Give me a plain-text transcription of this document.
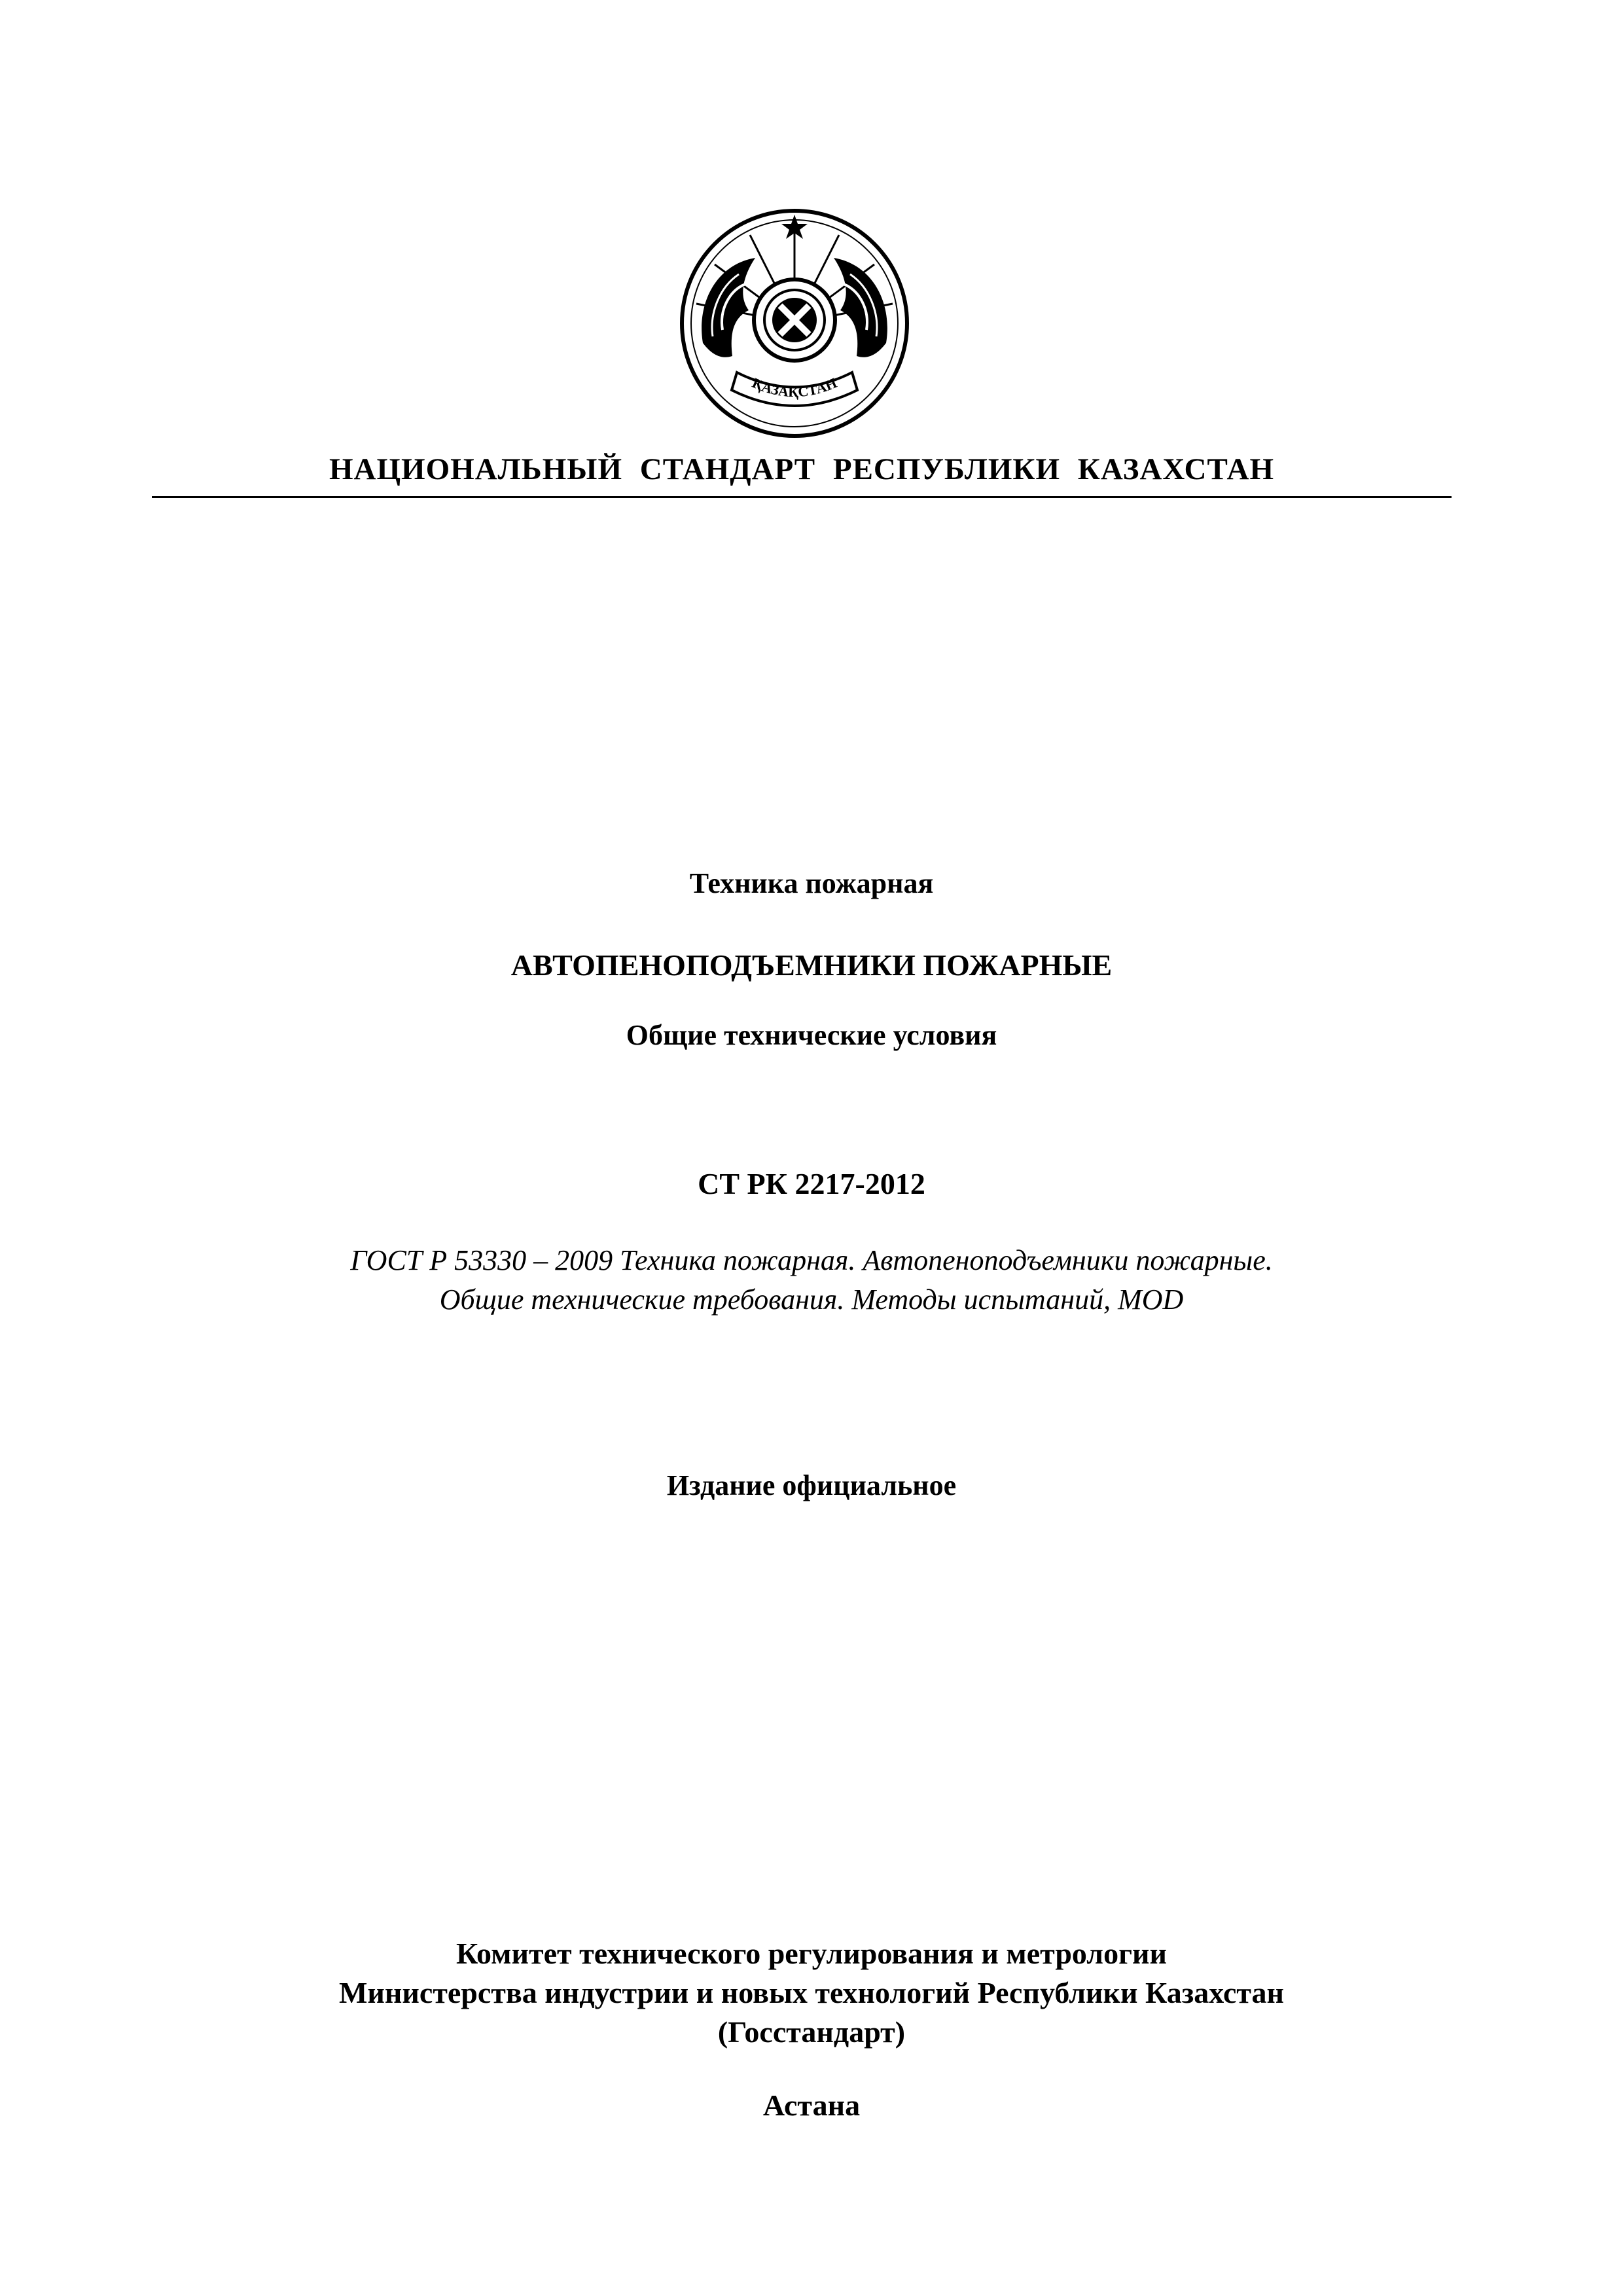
ҚАЗАҚСТАН
НАЦИОНАЛЬНЫЙ СТАНДАРТ РЕСПУБЛИКИ КАЗАХСТАН
Техника пожарная
АВТОПЕНОПОДЪЕМНИКИ ПОЖАРНЫЕ
Общие технические условия
СТ РК 2217-2012
ГОСТ Р 53330 – 2009 Техника пожарная. Автопеноподъемники пожарные.
Общие технические требования. Методы испытаний, MOD
Издание официальное
Комитет технического регулирования и метрологии
Министерства индустрии и новых технологий Республики Казахстан
(Госстандарт)
Астана
